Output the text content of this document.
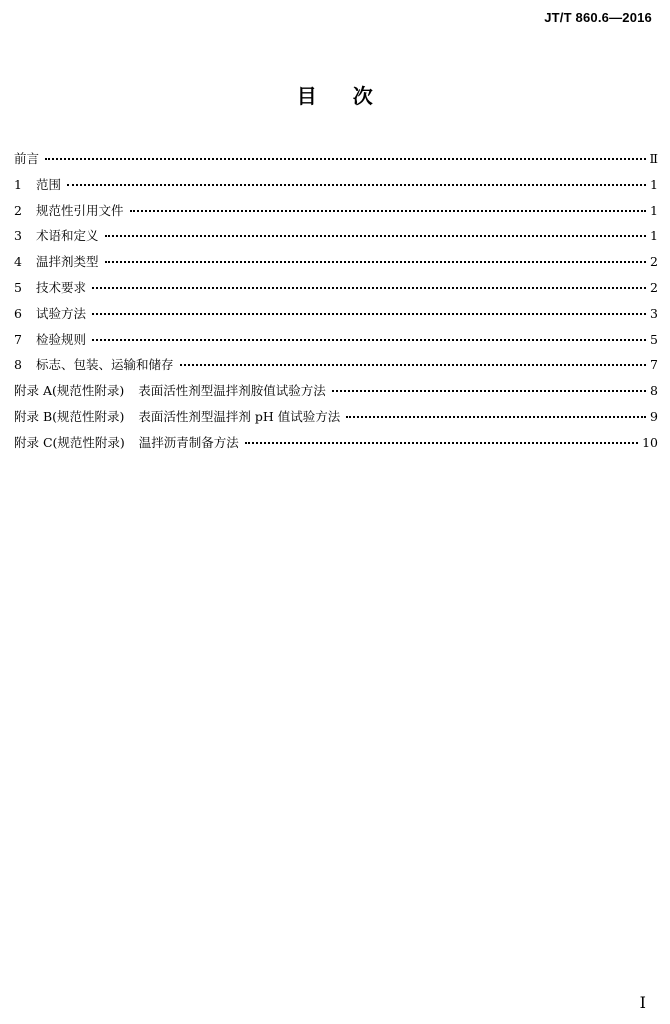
JT/T 860.6—2016
目 次
前言	Ⅱ
1	范围	1
2	规范性引用文件	1
3	术语和定义	1
4	温拌剂类型	2
5	技术要求	2
6	试验方法	3
7	检验规则	5
8	标志、包装、运输和储存	7
附录 A(规范性附录) 表面活性剂型温拌剂胺值试验方法	8
附录 B(规范性附录) 表面活性剂型温拌剂 pH 值试验方法	9
附录 C(规范性附录) 温拌沥青制备方法	10
I
